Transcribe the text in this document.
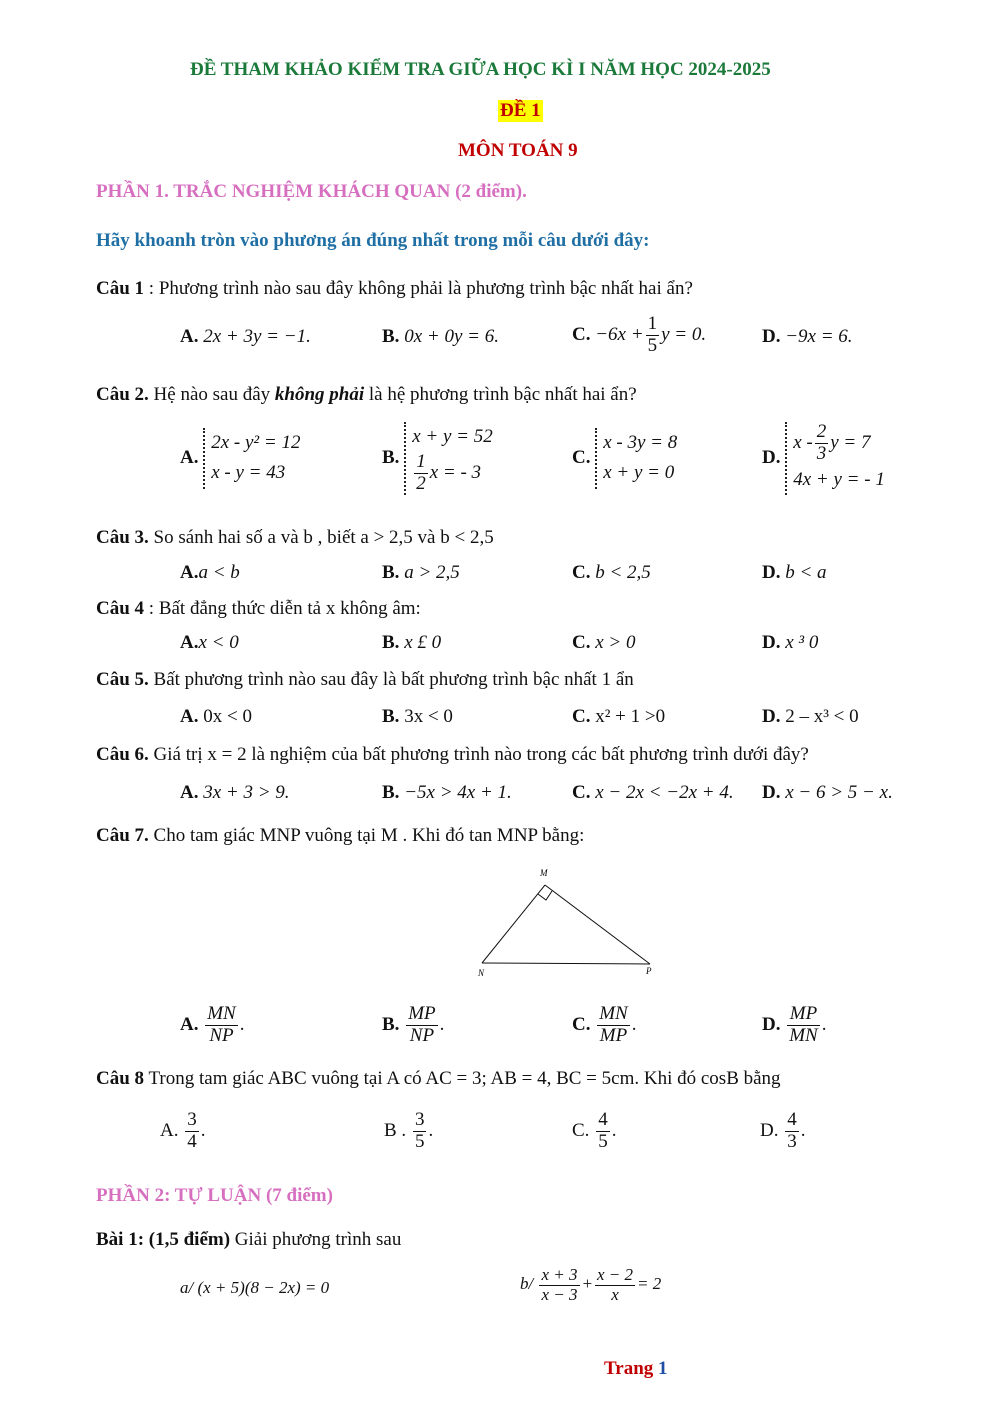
ĐỀ THAM KHẢO KIỂM TRA GIỮA HỌC KÌ I NĂM HỌC 2024-2025
ĐỀ 1
MÔN TOÁN 9
PHẦN 1. TRẮC NGHIỆM KHÁCH QUAN (2 điểm).
Hãy khoanh tròn vào phương án đúng nhất trong mỗi câu dưới đây:
Câu 1 : Phương trình nào sau đây không phải là phương trình bậc nhất hai ẩn?
A. 2x + 3y = −1.	B. 0x + 0y = 6.	C. $-6x + \frac{1}{5}$ y = 0.	D. −9x = 6.
Câu 2. Hệ nào sau đây không phải là hệ phương trình bậc nhất hai ẩn?
A.
2x - y² = 12
x - y = 43
B.
x + y = 52
$\frac{1}{2}$ x = - 3
C.
x - 3y = 8
x + y = 0
D.
x - $\frac{2}{3}$ y = 7
4x + y = - 1
Câu 3. So sánh hai số a và b , biết a > 2,5 và b < 2,5
A.a < b	B. a > 2,5	C. b < 2,5	D. b < a
Câu 4 : Bất đẳng thức diễn tả x không âm:
A.x < 0	B. x £ 0	C. x > 0	D. x ³ 0
Câu 5. Bất phương trình nào sau đây là bất phương trình bậc nhất 1 ẩn
A. 0x < 0	B. 3x < 0	C. x² + 1 >0	D. 2 – x³ < 0
Câu 6. Giá trị x = 2 là nghiệm của bất phương trình nào trong các bất phương trình dưới đây?
A. 3x + 3 > 9.	B. −5x > 4x + 1.	C. x − 2x < −2x + 4. D. x − 6 > 5 − x.
Câu 7. Cho tam giác MNP vuông tại M . Khi đó tan MNP bằng:
M
N	P
A. $\frac{MN}{NP}$ .	B. $\frac{MP}{NP}$ .	C. $\frac{MN}{MP}$ .	D. $\frac{MP}{MN}$ .
Câu 8 Trong tam giác ABC vuông tại A có AC = 3; AB = 4, BC = 5cm. Khi đó cosB bằng
A. $\frac{3}{4}$ .	B . $\frac{3}{5}$ .	C. $\frac{4}{5}$ .	D. $\frac{4}{3}$ .
PHẦN 2: TỰ LUẬN (7 điểm)
Bài 1: (1,5 điểm) Giải phương trình sau
a/ (x + 5)(8 − 2x) = 0	$b/ \frac{x + 3}{x - 3} + \frac{x - 2}{x} = 2$
Trang 1
